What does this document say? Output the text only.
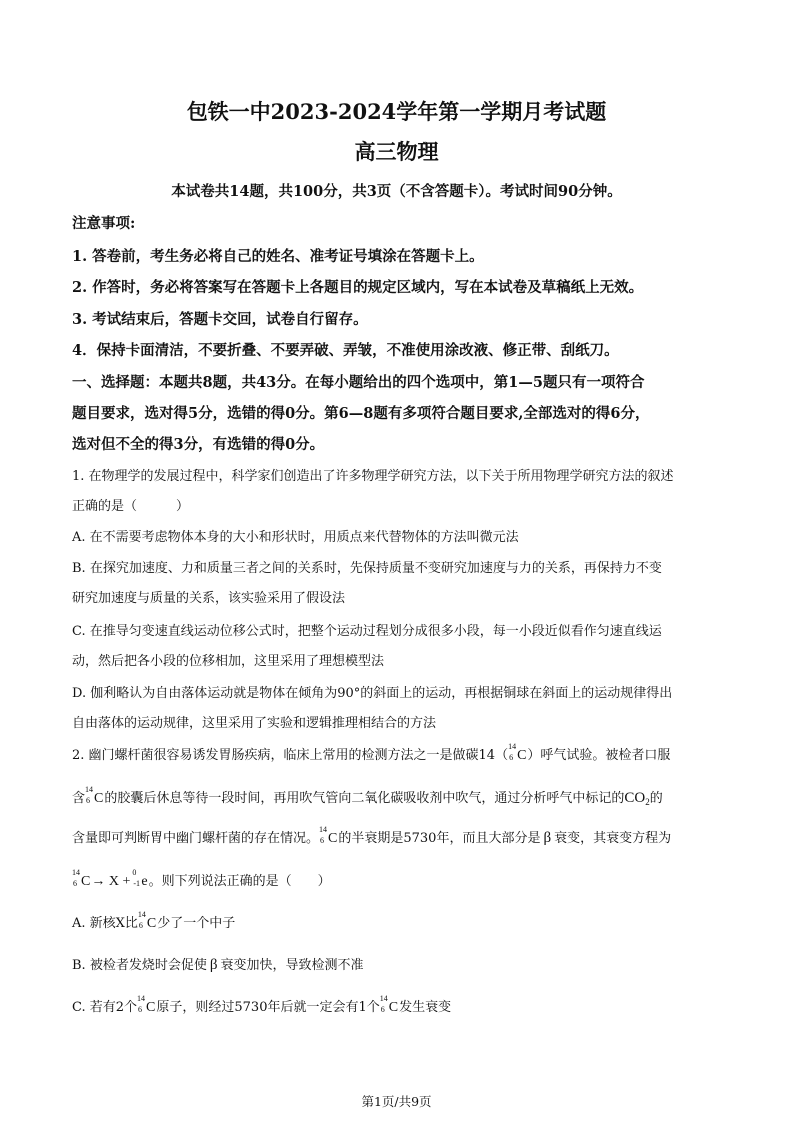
包铁一中2023-2024学年第一学期月考试题
高三物理
本试卷共14题，共100分，共3页（不含答题卡）。考试时间90分钟。
注意事项:
1. 答卷前，考生务必将自己的姓名、准考证号填涂在答题卡上。
2. 作答时，务必将答案写在答题卡上各题目的规定区域内，写在本试卷及草稿纸上无效。
3. 考试结束后，答题卡交回，试卷自行留存。
4．保持卡面清洁，不要折叠、不要弄破、弄皱，不准使用涂改液、修正带、刮纸刀。
一、选择题：本题共8题，共43分。在每小题给出的四个选项中，第1—5题只有一项符合
题目要求，选对得5分，选错的得0分。第6—8题有多项符合题目要求,全部选对的得6分，
选对但不全的得3分，有选错的得0分。
1. 在物理学的发展过程中，科学家们创造出了许多物理学研究方法，以下关于所用物理学研究方法的叙述
正确的是（　　　）
A. 在不需要考虑物体本身的大小和形状时，用质点来代替物体的方法叫微元法
B. 在探究加速度、力和质量三者之间的关系时，先保持质量不变研究加速度与力的关系，再保持力不变
研究加速度与质量的关系，该实验采用了假设法
C. 在推导匀变速直线运动位移公式时，把整个运动过程划分成很多小段，每一小段近似看作匀速直线运
动，然后把各小段的位移相加，这里采用了理想模型法
D. 伽利略认为自由落体运动就是物体在倾角为90°的斜面上的运动，再根据铜球在斜面上的运动规律得出
自由落体的运动规律，这里采用了实验和逻辑推理相结合的方法
2. 幽门螺杆菌很容易诱发胃肠疾病，临床上常用的检测方法之一是做碳14（
14
6 C）呼气试验。被检者口服
含
14
6 C的胶囊后休息等待一段时间，再用吹气管向二氧化碳吸收剂中吹气，通过分析呼气中标记的$CO_2$的
含量即可判断胃中幽门螺杆菌的存在情况。
14
6 C的半衰期是5730年，而且大部分是 β 衰变，其衰变方程为
14
6 C→ X +
0
-1 e。则下列说法正确的是（　　）
A. 新核X比
14
6 C少了一个中子
B. 被检者发烧时会促使 β 衰变加快，导致检测不准
C. 若有2个
14
6 C原子，则经过5730年后就一定会有1个
14
6 C发生衰变
第1页/共9页
